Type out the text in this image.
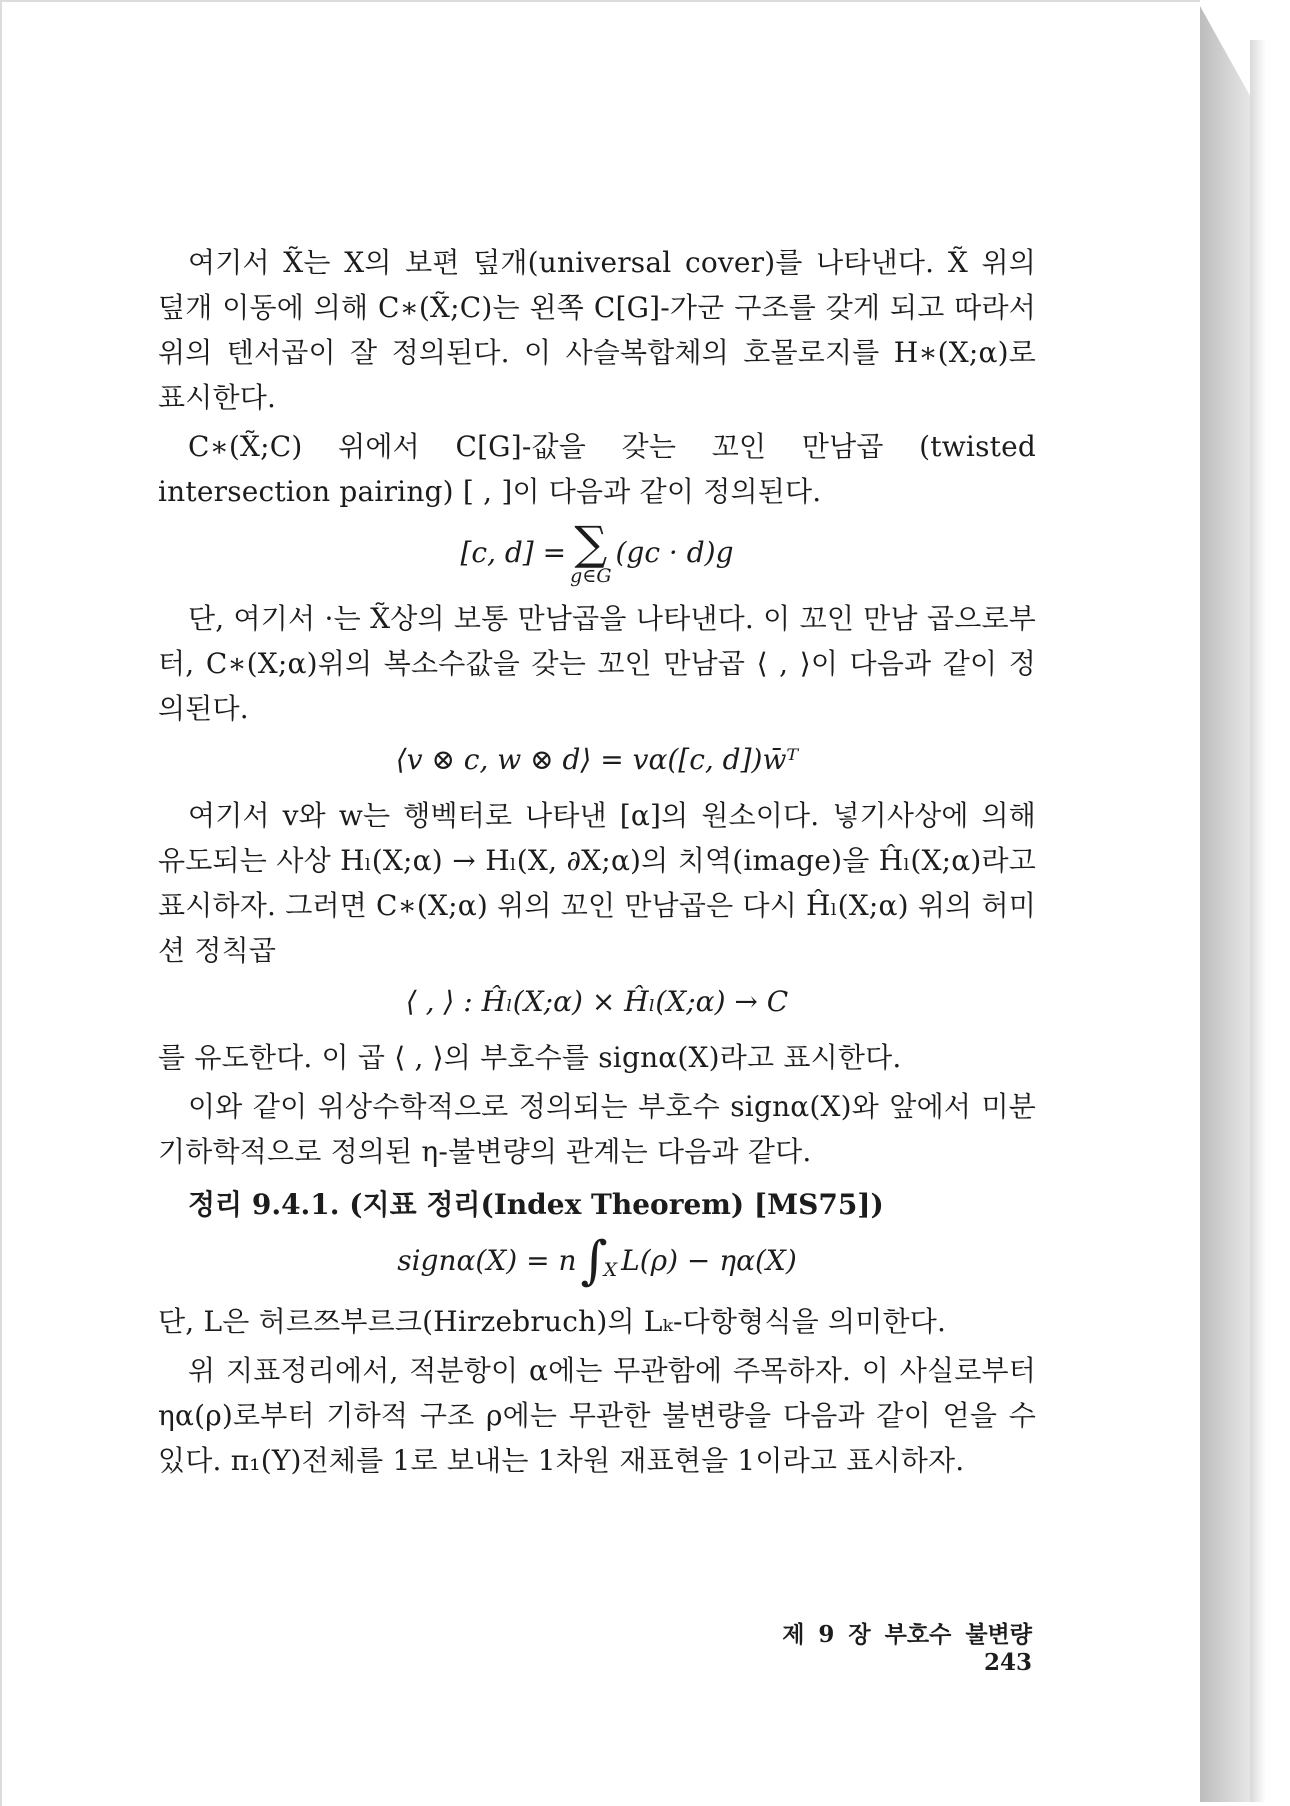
여기서 X̃는 X의 보편 덮개(universal cover)를 나타낸다. X̃ 위의 덮개 이동에 의해 C∗(X̃;C)는 왼쪽 C[G]-가군 구조를 갖게 되고 따라서 위의 텐서곱이 잘 정의된다. 이 사슬복합체의 호몰로지를 H∗(X;α)로 표시한다.

C∗(X̃;C) 위에서 C[G]-값을 갖는 꼬인 만남곱 (twisted intersection pairing) [ , ]이 다음과 같이 정의된다.

[c, d] = ∑
g∈G
(gc · d)g

단, 여기서 ·는 X̃상의 보통 만남곱을 나타낸다. 이 꼬인 만남 곱으로부터, C∗(X;α)위의 복소수값을 갖는 꼬인 만남곱 ⟨ , ⟩이 다음과 같이 정의된다.

⟨v ⊗ c, w ⊗ d⟩ = vα([c, d])w̄ᵀ

여기서 v와 w는 행벡터로 나타낸 [α]의 원소이다. 넣기사상에 의해 유도되는 사상 Hₗ(X;α) → Hₗ(X, ∂X;α)의 치역(image)을 Ĥₗ(X;α)라고 표시하자. 그러면 C∗(X;α) 위의 꼬인 만남곱은 다시 Ĥₗ(X;α) 위의 허미션 정칙곱

⟨ , ⟩ : Ĥₗ(X;α) × Ĥₗ(X;α) → C

를 유도한다. 이 곱 ⟨ , ⟩의 부호수를 signα(X)라고 표시한다.

이와 같이 위상수학적으로 정의되는 부호수 signα(X)와 앞에서 미분기하학적으로 정의된 η-불변량의 관계는 다음과 같다.

정리 9.4.1. (지표 정리(Index Theorem) [MS75])
signα(X) = n ∫
X L(ρ) − ηα(X)

단, L은 허르쯔부르크(Hirzebruch)의 Lₖ-다항형식을 의미한다.

위 지표정리에서, 적분항이 α에는 무관함에 주목하자. 이 사실로부터 ηα(ρ)로부터 기하적 구조 ρ에는 무관한 불변량을 다음과 같이 얻을 수 있다. π₁(Y)전체를 1로 보내는 1차원 재표현을 1이라고 표시하자.

제 9 장 부호수 불변량 243
